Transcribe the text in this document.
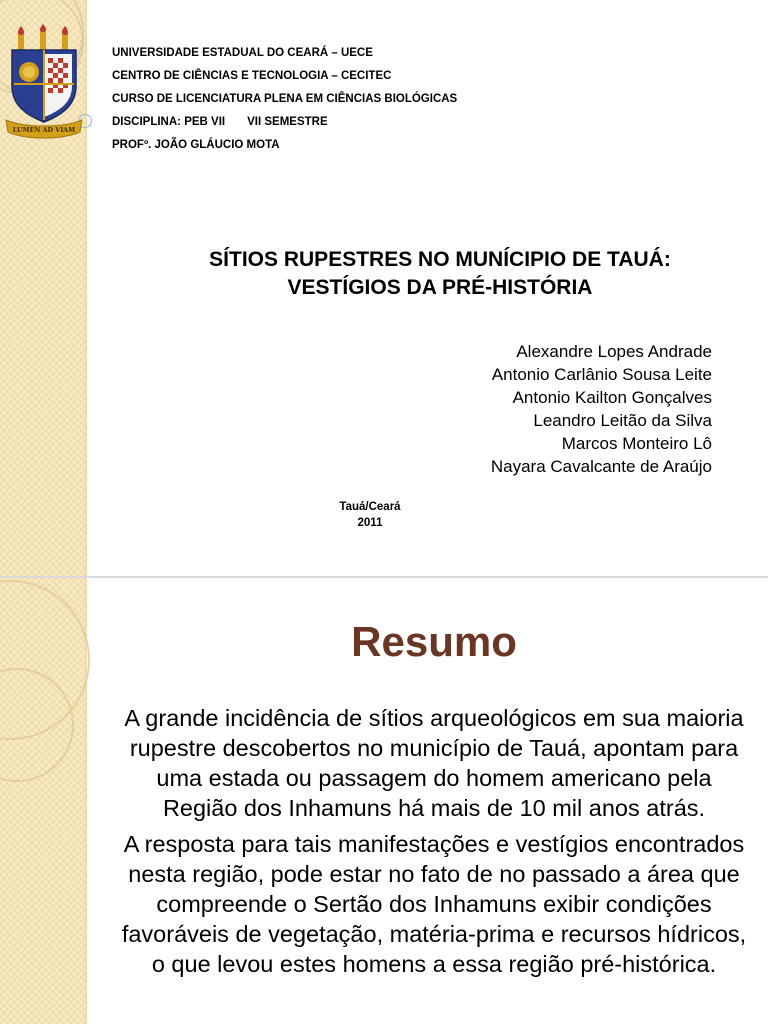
LUMEN AD VIAM
UNIVERSIDADE ESTADUAL DO CEARÁ – UECE
CENTRO DE CIÊNCIAS E TECNOLOGIA – CECITEC
CURSO DE LICENCIATURA PLENA EM CIÊNCIAS BIOLÓGICAS
DISCIPLINA: PEB VII VII SEMESTRE
PROFº. JOÃO GLÁUCIO MOTA
SÍTIOS RUPESTRES NO MUNÍCIPIO DE TAUÁ:
VESTÍGIOS DA PRÉ-HISTÓRIA
Alexandre Lopes Andrade
Antonio Carlânio Sousa Leite
Antonio Kailton Gonçalves
Leandro Leitão da Silva
Marcos Monteiro Lô
Nayara Cavalcante de Araújo
Tauá/Ceará
2011
Resumo

A grande incidência de sítios arqueológicos em sua maioria rupestre descobertos no município de Tauá, apontam para uma estada ou passagem do homem americano pela Região dos Inhamuns há mais de 10 mil anos atrás.

A resposta para tais manifestações e vestígios encontrados nesta região, pode estar no fato de no passado a área que compreende o Sertão dos Inhamuns exibir condições favoráveis de vegetação, matéria-prima e recursos hídricos, o que levou estes homens a essa região pré-histórica.
